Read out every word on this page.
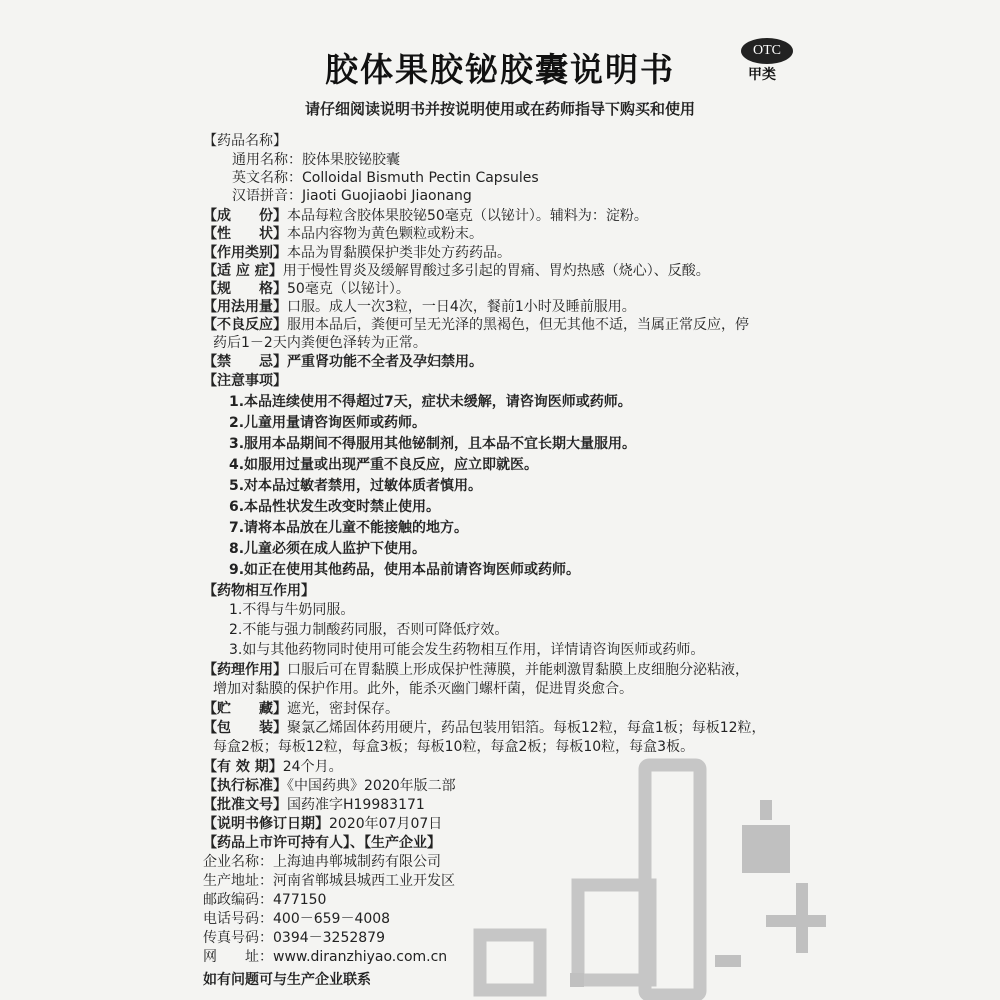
胶体果胶铋胶囊说明书	OTC
甲类
请仔细阅读说明书并按说明使用或在药师指导下购买和使用
【药品名称】
通用名称：胶体果胶铋胶囊
英文名称：Colloidal Bismuth Pectin Capsules
汉语拼音：Jiaoti Guojiaobi Jiaonang
【成　　份】本品每粒含胶体果胶铋50毫克（以铋计）。辅料为：淀粉。
【性　　状】本品内容物为黄色颗粒或粉末。
【作用类别】本品为胃黏膜保护类非处方药药品。
【适 应 症】用于慢性胃炎及缓解胃酸过多引起的胃痛、胃灼热感（烧心）、反酸。
【规　　格】50毫克（以铋计）。
【用法用量】口服。成人一次3粒，一日4次，餐前1小时及睡前服用。
【不良反应】服用本品后，粪便可呈无光泽的黑褐色，但无其他不适，当属正常反应，停
药后1－2天内粪便色泽转为正常。
【禁　　忌】严重肾功能不全者及孕妇禁用。
【注意事项】
1.本品连续使用不得超过7天，症状未缓解，请咨询医师或药师。
2.儿童用量请咨询医师或药师。
3.服用本品期间不得服用其他铋制剂，且本品不宜长期大量服用。
4.如服用过量或出现严重不良反应，应立即就医。
5.对本品过敏者禁用，过敏体质者慎用。
6.本品性状发生改变时禁止使用。
7.请将本品放在儿童不能接触的地方。
8.儿童必须在成人监护下使用。
9.如正在使用其他药品，使用本品前请咨询医师或药师。
【药物相互作用】
1.不得与牛奶同服。
2.不能与强力制酸药同服，否则可降低疗效。
3.如与其他药物同时使用可能会发生药物相互作用，详情请咨询医师或药师。
【药理作用】口服后可在胃黏膜上形成保护性薄膜，并能刺激胃黏膜上皮细胞分泌粘液，
增加对黏膜的保护作用。此外，能杀灭幽门螺杆菌，促进胃炎愈合。
【贮　　藏】遮光，密封保存。
【包　　装】聚氯乙烯固体药用硬片，药品包装用铝箔。每板12粒，每盒1板；每板12粒，
每盒2板；每板12粒，每盒3板；每板10粒，每盒2板；每板10粒，每盒3板。
【有 效 期】24个月。
【执行标准】《中国药典》2020年版二部
【批准文号】国药准字H19983171
【说明书修订日期】2020年07月07日
【药品上市许可持有人】、【生产企业】
企业名称：上海迪冉郸城制药有限公司
生产地址：河南省郸城县城西工业开发区
邮政编码：477150
电话号码：400－659－4008
传真号码：0394－3252879
网　　址：www.diranzhiyao.com.cn
如有问题可与生产企业联系
